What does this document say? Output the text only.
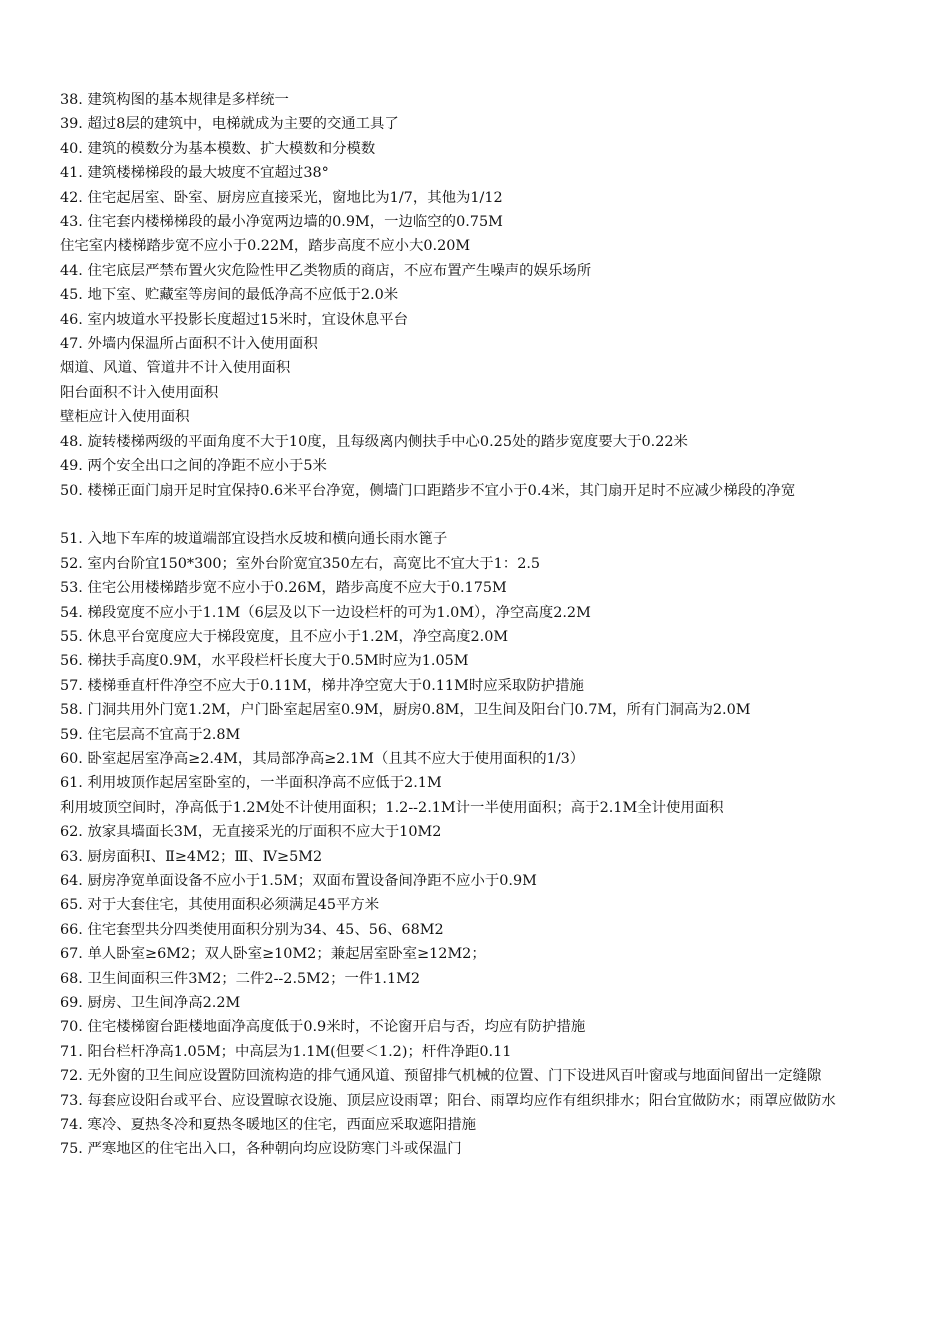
38. 建筑构图的基本规律是多样统一
39. 超过8层的建筑中，电梯就成为主要的交通工具了
40. 建筑的模数分为基本模数、扩大模数和分模数
41. 建筑楼梯梯段的最大坡度不宜超过38°
42. 住宅起居室、卧室、厨房应直接采光，窗地比为1/7，其他为1/12
43. 住宅套内楼梯梯段的最小净宽两边墙的0.9M，一边临空的0.75M
住宅室内楼梯踏步宽不应小于0.22M，踏步高度不应小大0.20M
44. 住宅底层严禁布置火灾危险性甲乙类物质的商店，不应布置产生噪声的娱乐场所
45. 地下室、贮藏室等房间的最低净高不应低于2.0米
46. 室内坡道水平投影长度超过15米时，宜设休息平台
47. 外墙内保温所占面积不计入使用面积
烟道、风道、管道井不计入使用面积
阳台面积不计入使用面积
壁柜应计入使用面积
48. 旋转楼梯两级的平面角度不大于10度，且每级离内侧扶手中心0.25处的踏步宽度要大于0.22米
49. 两个安全出口之间的净距不应小于5米
50. 楼梯正面门扇开足时宜保持0.6米平台净宽，侧墙门口距踏步不宜小于0.4米，其门扇开足时不应减少梯段的净宽
51. 入地下车库的坡道端部宜设挡水反坡和横向通长雨水篦子
52. 室内台阶宜150*300；室外台阶宽宜350左右，高宽比不宜大于1：2.5
53. 住宅公用楼梯踏步宽不应小于0.26M，踏步高度不应大于0.175M
54. 梯段宽度不应小于1.1M（6层及以下一边设栏杆的可为1.0M），净空高度2.2M
55. 休息平台宽度应大于梯段宽度，且不应小于1.2M，净空高度2.0M
56. 梯扶手高度0.9M，水平段栏杆长度大于0.5M时应为1.05M
57. 楼梯垂直杆件净空不应大于0.11M，梯井净空宽大于0.11M时应采取防护措施
58. 门洞共用外门宽1.2M，户门卧室起居室0.9M，厨房0.8M，卫生间及阳台门0.7M，所有门洞高为2.0M
59. 住宅层高不宜高于2.8M
60. 卧室起居室净高≥2.4M，其局部净高≥2.1M（且其不应大于使用面积的1/3）
61. 利用坡顶作起居室卧室的，一半面积净高不应低于2.1M
利用坡顶空间时，净高低于1.2M处不计使用面积；1.2--2.1M计一半使用面积；高于2.1M全计使用面积
62. 放家具墙面长3M，无直接采光的厅面积不应大于10M2
63. 厨房面积Ⅰ、Ⅱ≥4M2；Ⅲ、Ⅳ≥5M2
64. 厨房净宽单面设备不应小于1.5M；双面布置设备间净距不应小于0.9M
65. 对于大套住宅，其使用面积必须满足45平方米
66. 住宅套型共分四类使用面积分别为34、45、56、68M2
67. 单人卧室≥6M2；双人卧室≥10M2；兼起居室卧室≥12M2；
68. 卫生间面积三件3M2；二件2--2.5M2；一件1.1M2
69. 厨房、卫生间净高2.2M
70. 住宅楼梯窗台距楼地面净高度低于0.9米时，不论窗开启与否，均应有防护措施
71. 阳台栏杆净高1.05M；中高层为1.1M(但要＜1.2)；杆件净距0.11
72. 无外窗的卫生间应设置防回流构造的排气通风道、预留排气机械的位置、门下设进风百叶窗或与地面间留出一定缝隙
73. 每套应设阳台或平台、应设置晾衣设施、顶层应设雨罩；阳台、雨罩均应作有组织排水；阳台宜做防水；雨罩应做防水
74. 寒冷、夏热冬冷和夏热冬暖地区的住宅，西面应采取遮阳措施
75. 严寒地区的住宅出入口，各种朝向均应设防寒门斗或保温门
